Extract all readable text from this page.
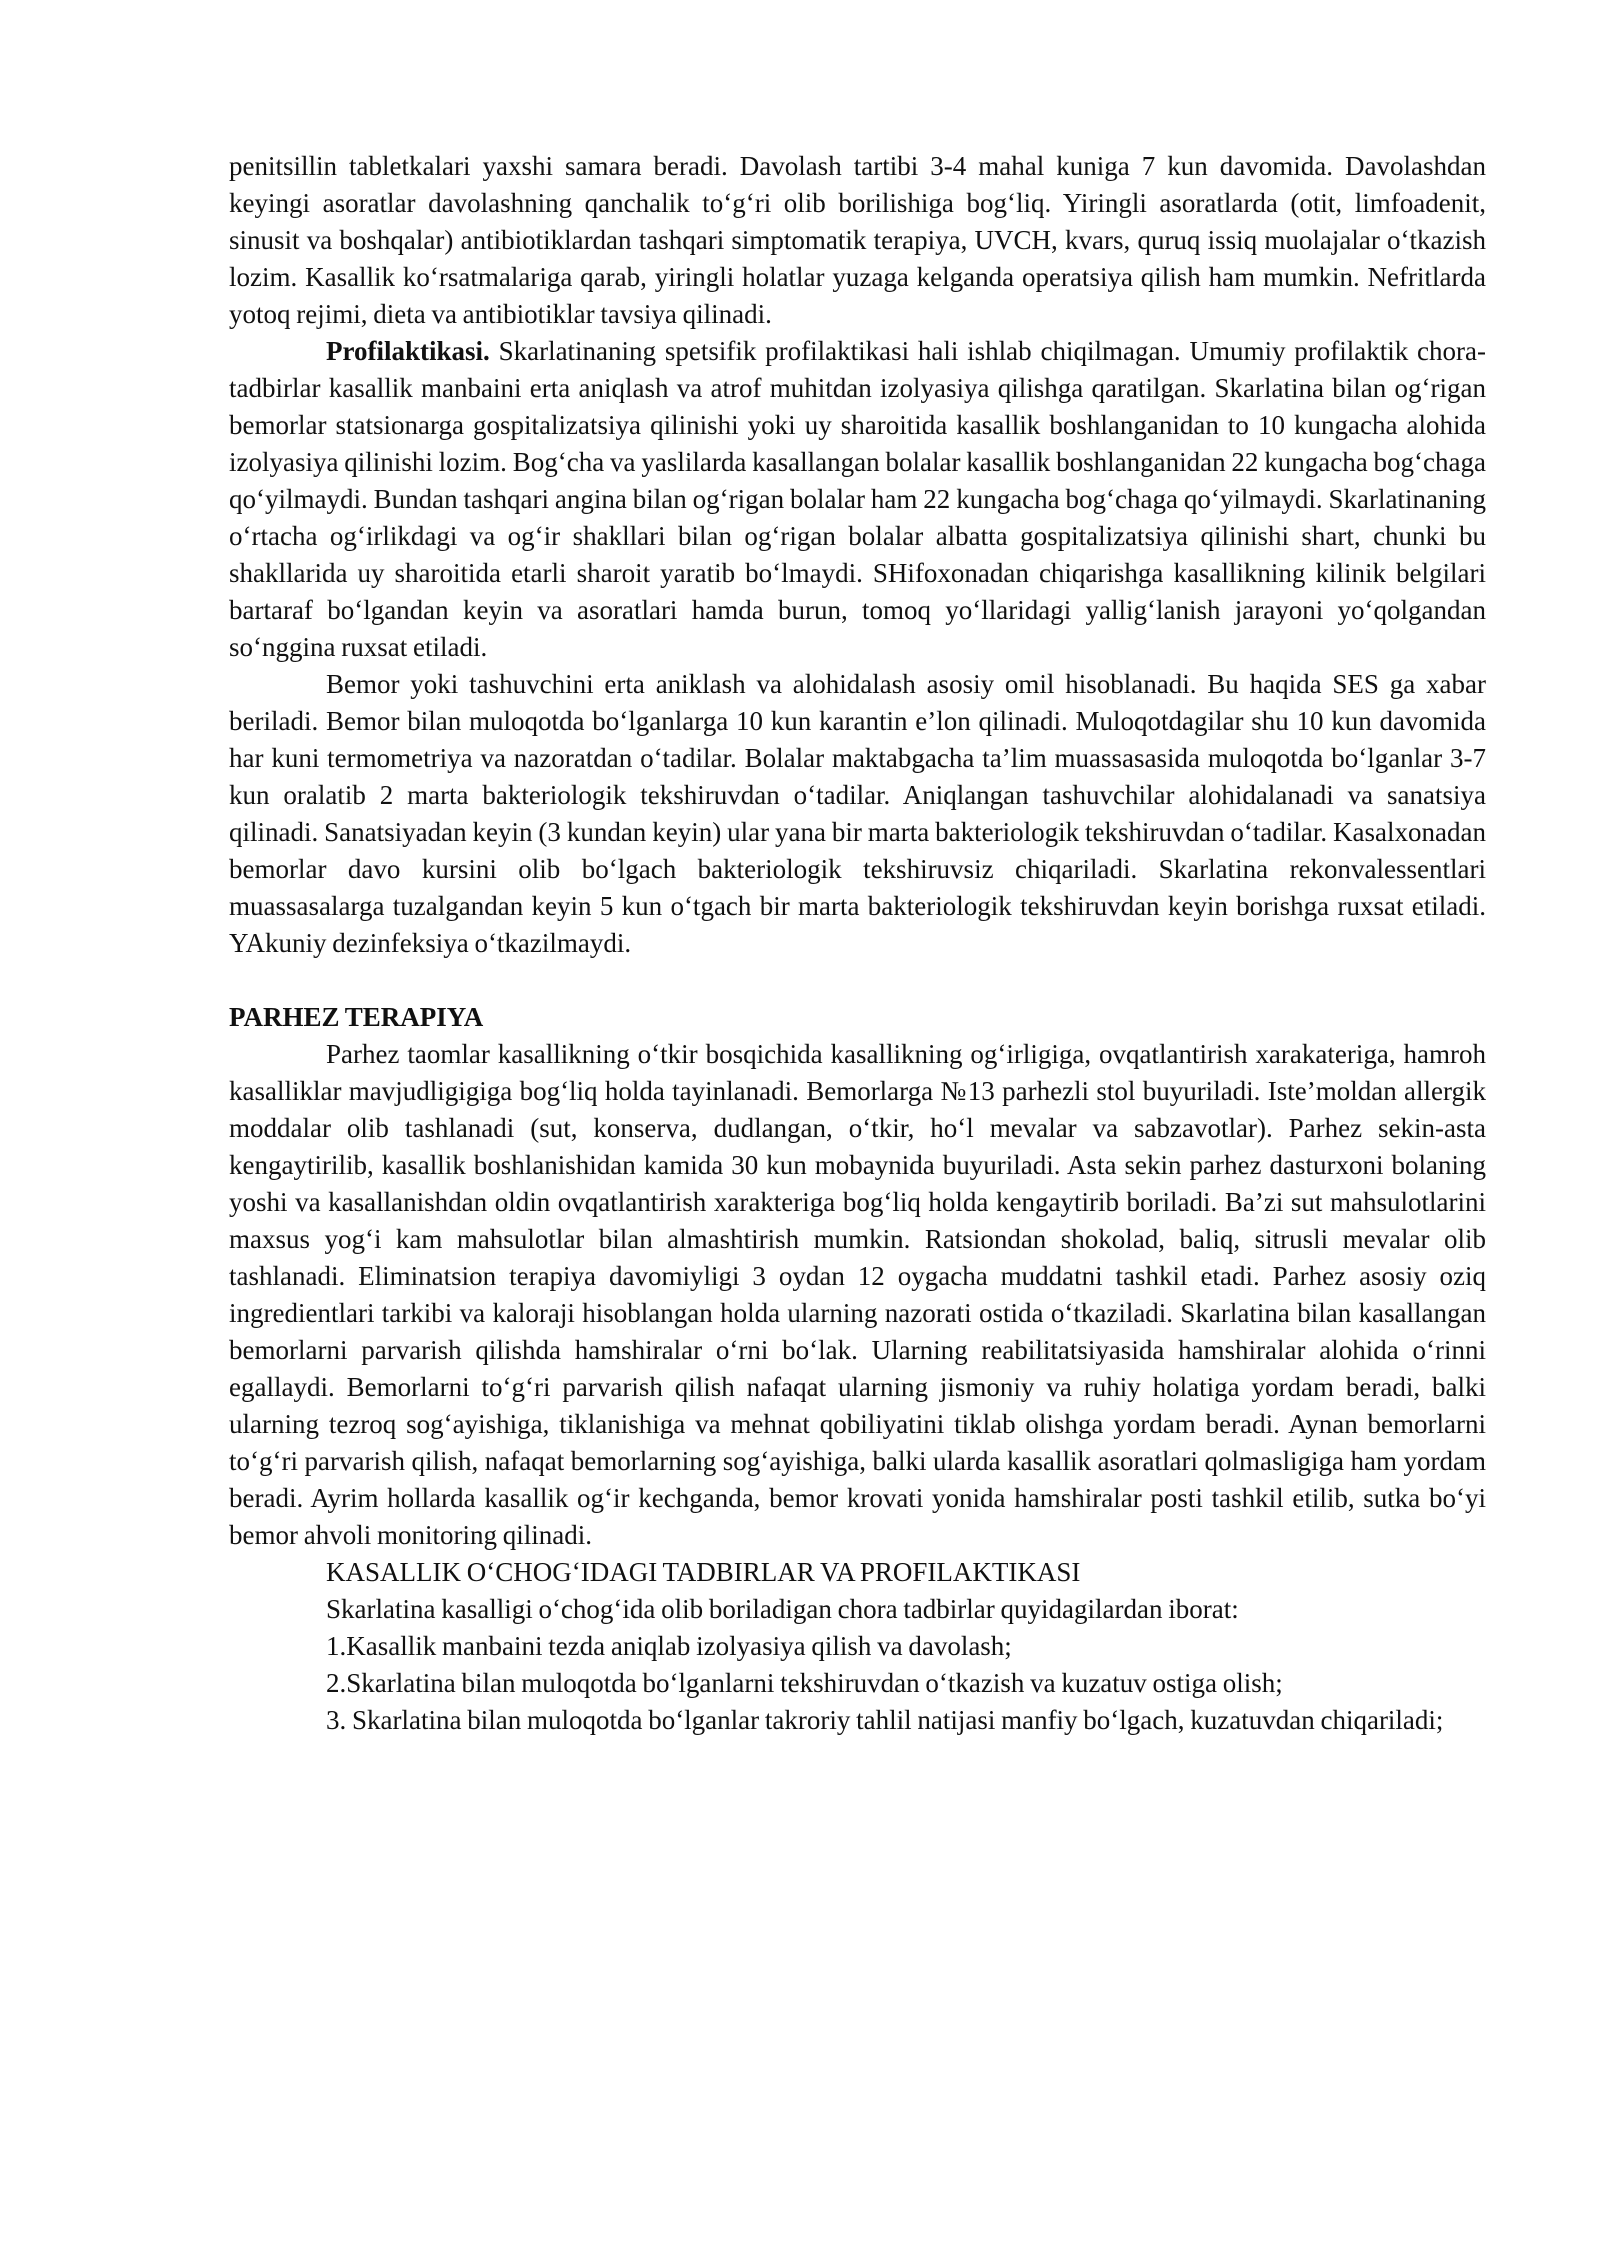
penitsillin tabletkalari yaxshi samara beradi. Davolash tartibi 3-4 mahal kuniga 7 kun davomida. Davolashdan keyingi asoratlar davolashning qanchalik to‘g‘ri olib borilishiga bog‘liq. Yiringli asoratlarda (otit, limfoadenit, sinusit va boshqalar) antibiotiklardan tashqari simptomatik terapiya, UVCH, kvars, quruq issiq muolajalar o‘tkazish lozim. Kasallik ko‘rsatmalariga qarab, yiringli holatlar yuzaga kelganda operatsiya qilish ham mumkin. Nefritlarda yotoq rejimi, dieta va antibiotiklar tavsiya qilinadi.

Profilaktikasi. Skarlatinaning spetsifik profilaktikasi hali ishlab chiqilmagan. Umumiy profilaktik chora-tadbirlar kasallik manbaini erta aniqlash va atrof muhitdan izolyasiya qilishga qaratilgan. Skarlatina bilan og‘rigan bemorlar statsionarga gospitalizatsiya qilinishi yoki uy sharoitida kasallik boshlanganidan to 10 kungacha alohida izolyasiya qilinishi lozim. Bog‘cha va yaslilarda kasallangan bolalar kasallik boshlanganidan 22 kungacha bog‘chaga qo‘yilmaydi. Bundan tashqari angina bilan og‘rigan bolalar ham 22 kungacha bog‘chaga qo‘yilmaydi. Skarlatinaning o‘rtacha og‘irlikdagi va og‘ir shakllari bilan og‘rigan bolalar albatta gospitalizatsiya qilinishi shart, chunki bu shakllarida uy sharoitida etarli sharoit yaratib bo‘lmaydi. SHifoxonadan chiqarishga kasallikning kilinik belgilari bartaraf bo‘lgandan keyin va asoratlari hamda burun, tomoq yo‘llaridagi yallig‘lanish jarayoni yo‘qolgandan so‘nggina ruxsat etiladi.

Bemor yoki tashuvchini erta aniklash va alohidalash asosiy omil hisoblanadi. Bu haqida SES ga xabar beriladi. Bemor bilan muloqotda bo‘lganlarga 10 kun karantin e’lon qilinadi. Muloqotdagilar shu 10 kun davomida har kuni termometriya va nazoratdan o‘tadilar. Bolalar maktabgacha ta’lim muassasasida muloqotda bo‘lganlar 3-7 kun oralatib 2 marta bakteriologik tekshiruvdan o‘tadilar. Aniqlangan tashuvchilar alohidalanadi va sanatsiya qilinadi. Sanatsiyadan keyin (3 kundan keyin) ular yana bir marta bakteriologik tekshiruvdan o‘tadilar. Kasalxonadan bemorlar davo kursini olib bo‘lgach bakteriologik tekshiruvsiz chiqariladi. Skarlatina rekonvalessentlari muassasalarga tuzalgandan keyin 5 kun o‘tgach bir marta bakteriologik tekshiruvdan keyin borishga ruxsat etiladi. YAkuniy dezinfeksiya o‘tkazilmaydi.

PARHEZ TERAPIYA

Parhez taomlar kasallikning o‘tkir bosqichida kasallikning og‘irligiga, ovqatlantirish xarakateriga, hamroh kasalliklar mavjudligigiga bog‘liq holda tayinlanadi. Bemorlarga №13 parhezli stol buyuriladi. Iste’moldan allergik moddalar olib tashlanadi (sut, konserva, dudlangan, o‘tkir, ho‘l mevalar va sabzavotlar). Parhez sekin-asta kengaytirilib, kasallik boshlanishidan kamida 30 kun mobaynida buyuriladi. Asta sekin parhez dasturxoni bolaning yoshi va kasallanishdan oldin ovqatlantirish xarakteriga bog‘liq holda kengaytirib boriladi. Ba’zi sut mahsulotlarini maxsus yog‘i kam mahsulotlar bilan almashtirish mumkin. Ratsiondan shokolad, baliq, sitrusli mevalar olib tashlanadi. Eliminatsion terapiya davomiyligi 3 oydan 12 oygacha muddatni tashkil etadi. Parhez asosiy oziq ingredientlari tarkibi va kaloraji hisoblangan holda ularning nazorati ostida o‘tkaziladi. Skarlatina bilan kasallangan bemorlarni parvarish qilishda hamshiralar o‘rni bo‘lak. Ularning reabilitatsiyasida hamshiralar alohida o‘rinni egallaydi. Bemorlarni to‘g‘ri parvarish qilish nafaqat ularning jismoniy va ruhiy holatiga yordam beradi, balki ularning tezroq sog‘ayishiga, tiklanishiga va mehnat qobiliyatini tiklab olishga yordam beradi. Aynan bemorlarni to‘g‘ri parvarish qilish, nafaqat bemorlarning sog‘ayishiga, balki ularda kasallik asoratlari qolmasligiga ham yordam beradi. Ayrim hollarda kasallik og‘ir kechganda, bemor krovati yonida hamshiralar posti tashkil etilib, sutka bo‘yi bemor ahvoli monitoring qilinadi.

KASALLIK O‘CHOG‘IDAGI TADBIRLAR VA PROFILAKTIKASI

Skarlatina kasalligi o‘chog‘ida olib boriladigan chora tadbirlar quyidagilardan iborat:

1.Kasallik manbaini tezda aniqlab izolyasiya qilish va davolash;

2.Skarlatina bilan muloqotda bo‘lganlarni tekshiruvdan o‘tkazish va kuzatuv ostiga olish;

3. Skarlatina bilan muloqotda bo‘lganlar takroriy tahlil natijasi manfiy bo‘lgach, kuzatuvdan chiqariladi;
